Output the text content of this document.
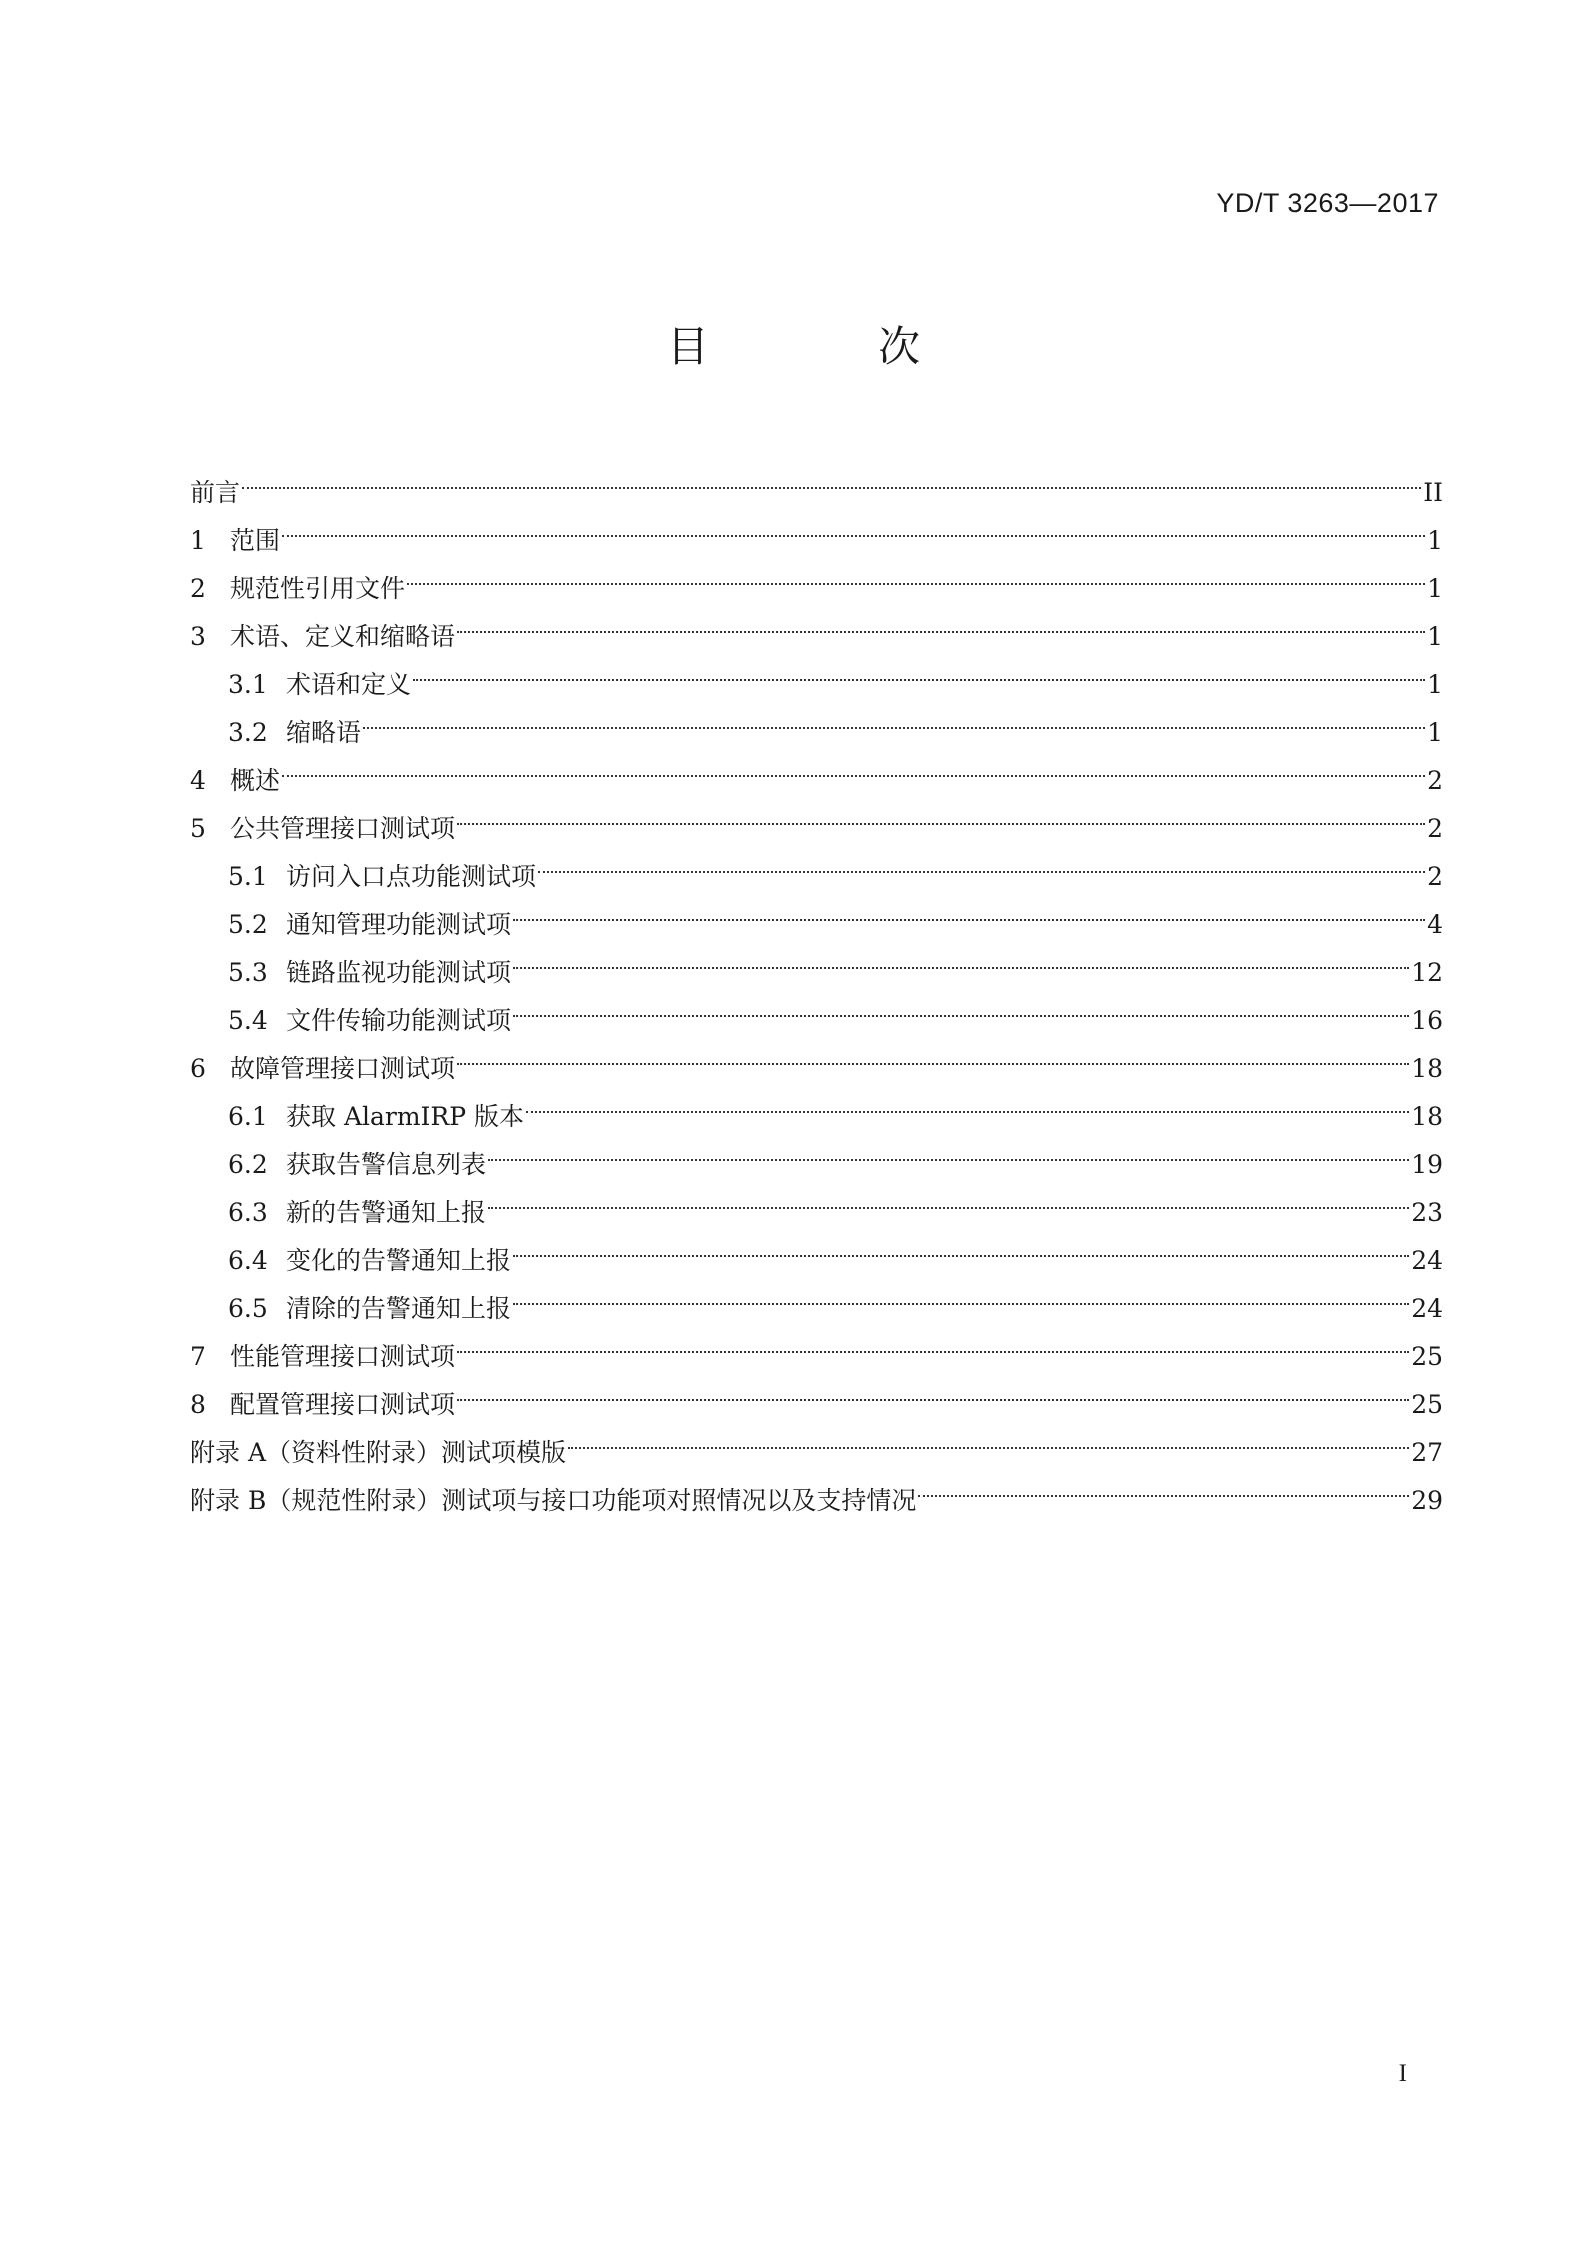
YD/T 3263—2017
目 次
前言	II
1 范围	1
2 规范性引用文件	1
3 术语、定义和缩略语	1
3.1 术语和定义	1
3.2 缩略语	1
4 概述	2
5 公共管理接口测试项	2
5.1 访问入口点功能测试项	2
5.2 通知管理功能测试项	4
5.3 链路监视功能测试项	12
5.4 文件传输功能测试项	16
6 故障管理接口测试项	18
6.1 获取 AlarmIRP 版本	18
6.2 获取告警信息列表	19
6.3 新的告警通知上报	23
6.4 变化的告警通知上报	24
6.5 清除的告警通知上报	24
7 性能管理接口测试项	25
8 配置管理接口测试项	25
附录 A（资料性附录）测试项模版	27
附录 B（规范性附录）测试项与接口功能项对照情况以及支持情况	29
I
